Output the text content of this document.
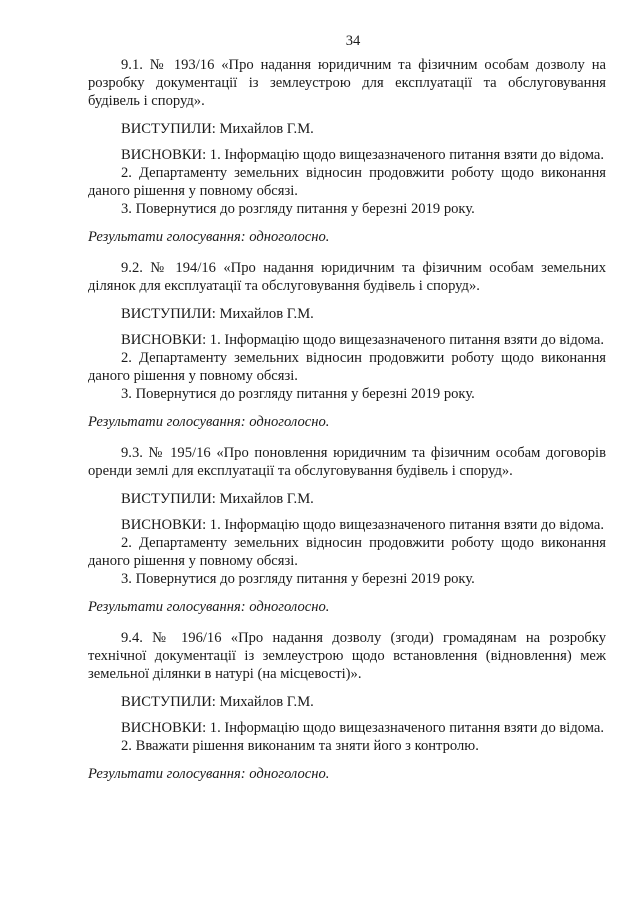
34

9.1. № 193/16 «Про надання юридичним та фізичним особам дозволу на розробку документації із землеустрою для експлуатації та обслуговування будівель і споруд».

ВИСТУПИЛИ: Михайлов Г.М.

ВИСНОВКИ: 1. Інформацію щодо вищезазначеного питання взяти до відома.

2. Департаменту земельних відносин продовжити роботу щодо виконання даного рішення у повному обсязі.

3. Повернутися до розгляду питання у березні 2019 року.

Результати голосування: одноголосно.

9.2. № 194/16 «Про надання юридичним та фізичним особам земельних ділянок для експлуатації та обслуговування будівель і споруд».

ВИСТУПИЛИ: Михайлов Г.М.

ВИСНОВКИ: 1. Інформацію щодо вищезазначеного питання взяти до відома.

2. Департаменту земельних відносин продовжити роботу щодо виконання даного рішення у повному обсязі.

3. Повернутися до розгляду питання у березні 2019 року.

Результати голосування: одноголосно.

9.3. № 195/16 «Про поновлення юридичним та фізичним особам договорів оренди землі для експлуатації та обслуговування будівель і споруд».

ВИСТУПИЛИ: Михайлов Г.М.

ВИСНОВКИ: 1. Інформацію щодо вищезазначеного питання взяти до відома.

2. Департаменту земельних відносин продовжити роботу щодо виконання даного рішення у повному обсязі.

3. Повернутися до розгляду питання у березні 2019 року.

Результати голосування: одноголосно.

9.4. № 196/16 «Про надання дозволу (згоди) громадянам на розробку технічної документації із землеустрою щодо встановлення (відновлення) меж земельної ділянки в натурі (на місцевості)».

ВИСТУПИЛИ: Михайлов Г.М.

ВИСНОВКИ: 1. Інформацію щодо вищезазначеного питання взяти до відома.

2. Вважати рішення виконаним та зняти його з контролю.

Результати голосування: одноголосно.
